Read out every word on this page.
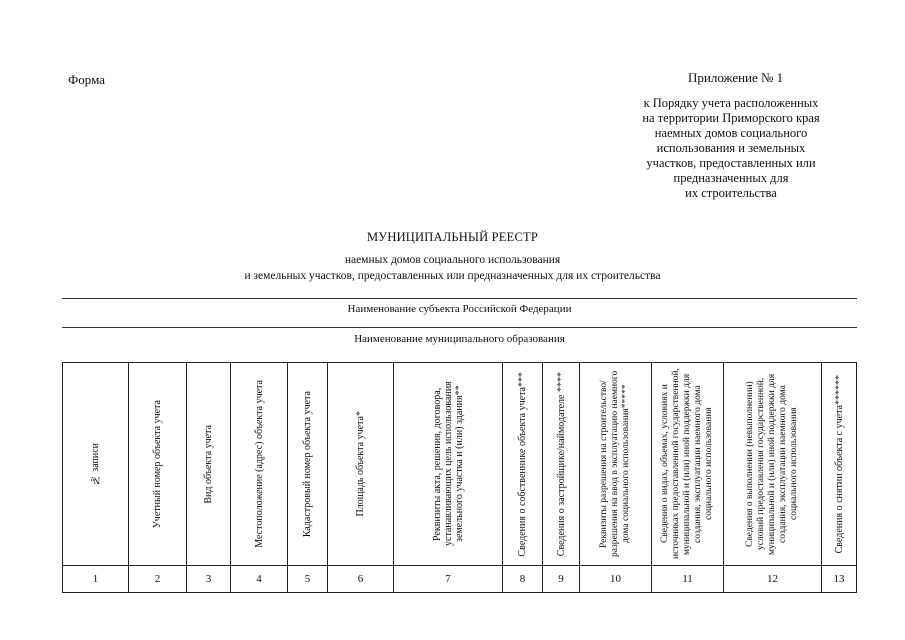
Форма	Приложение № 1
к Порядку учета расположенных
на территории Приморского края
наемных домов социального
использования и земельных
участков, предоставленных или
предназначенных для
их строительства
МУНИЦИПАЛЬНЫЙ РЕЕСТР
наемных домов социального использования
и земельных участков, предоставленных или предназначенных для их строительства
Наименование субъекта Российской Федерации
Наименование муниципального образования
№ записи	Учетный номер объекта учета	Вид объекта учета	Местоположение (адрес) объекта учета	Кадастровый номер объекта учета	Площадь объекта учета*	Реквизиты акта, решения, договора, устанавливающих цель использования земельного участка и (или) здания**	Сведения о собственнике объекта учета***	Сведения о застройщике/наймодателе ****	Реквизиты разрешения на строительство/разрешения на ввод в эксплуатацию наемного дома социального использования*****	Сведения о видах, объемах, условиях и источниках предоставленной государственной, муниципальной и (или) иной поддержки для создания, эксплуатации наемного дома социального использования	Сведения о выполнении (невыполнении) условий предоставления государственной, муниципальной и (или) иной поддержки для создания, эксплуатации наемного дома социального использования	Сведения о снятии объекта с учета******

1	2	3	4	5	6	7	8	9	10	11	12	13
